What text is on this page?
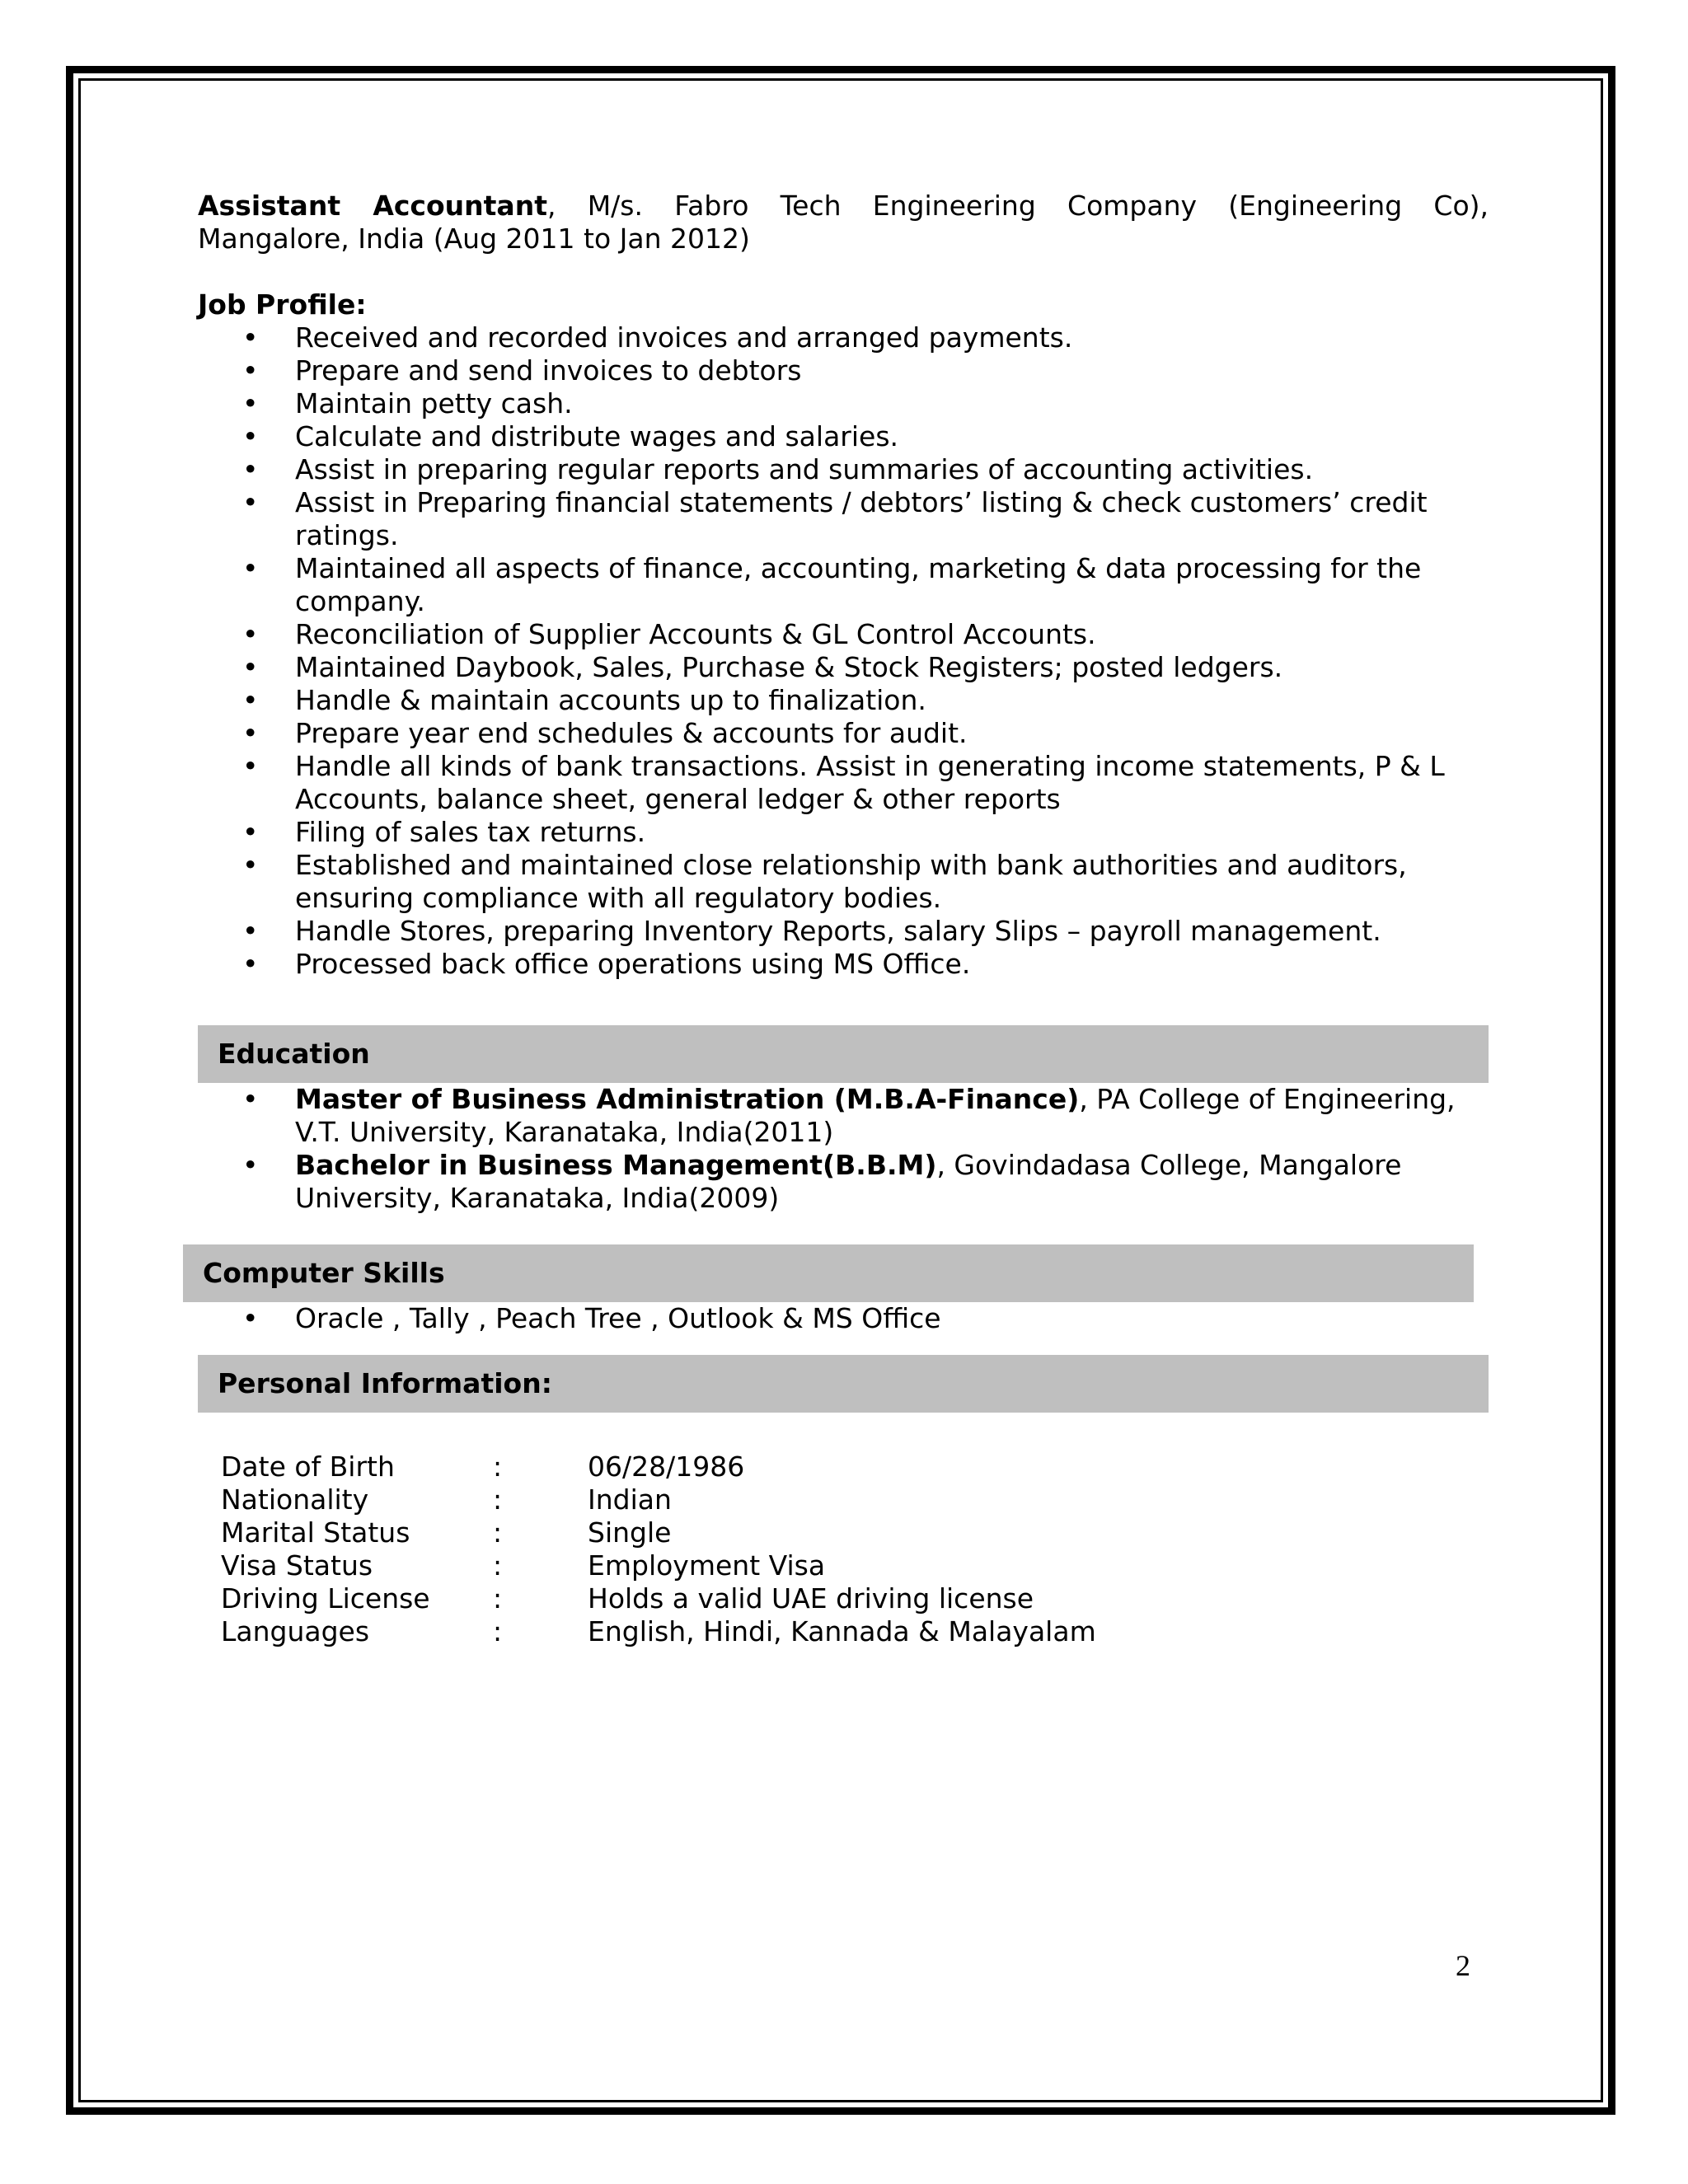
Assistant Accountant, M/s. Fabro Tech Engineering Company (Engineering Co),

Mangalore, India (Aug 2011 to Jan 2012)

Job Profile:

• Received and recorded invoices and arranged payments.
• Prepare and send invoices to debtors
• Maintain petty cash.
• Calculate and distribute wages and salaries.
• Assist in preparing regular reports and summaries of accounting activities.
• Assist in Preparing financial statements / debtors’ listing & check customers’ credit ratings.
• Maintained all aspects of finance, accounting, marketing & data processing for the company.
• Reconciliation of Supplier Accounts & GL Control Accounts.
• Maintained Daybook, Sales, Purchase & Stock Registers; posted ledgers.
• Handle & maintain accounts up to finalization.
• Prepare year end schedules & accounts for audit.
• Handle all kinds of bank transactions. Assist in generating income statements, P & L Accounts, balance sheet, general ledger & other reports
• Filing of sales tax returns.
• Established and maintained close relationship with bank authorities and auditors, ensuring compliance with all regulatory bodies.
• Handle Stores, preparing Inventory Reports, salary Slips – payroll management.
• Processed back office operations using MS Office.
Education
• Master of Business Administration (M.B.A-Finance), PA College of Engineering, V.T. University, Karanataka, India(2011)
• Bachelor in Business Management(B.B.M), Govindadasa College, Mangalore University, Karanataka, India(2009)
Computer Skills
• Oracle , Tally , Peach Tree , Outlook & MS Office
Personal Information:
Date of Birth	:	06/28/1986
Nationality	:	Indian
Marital Status	:	Single
Visa Status	:	Employment Visa
Driving License	:	Holds a valid UAE driving license
Languages	:	English, Hindi, Kannada & Malayalam
2
